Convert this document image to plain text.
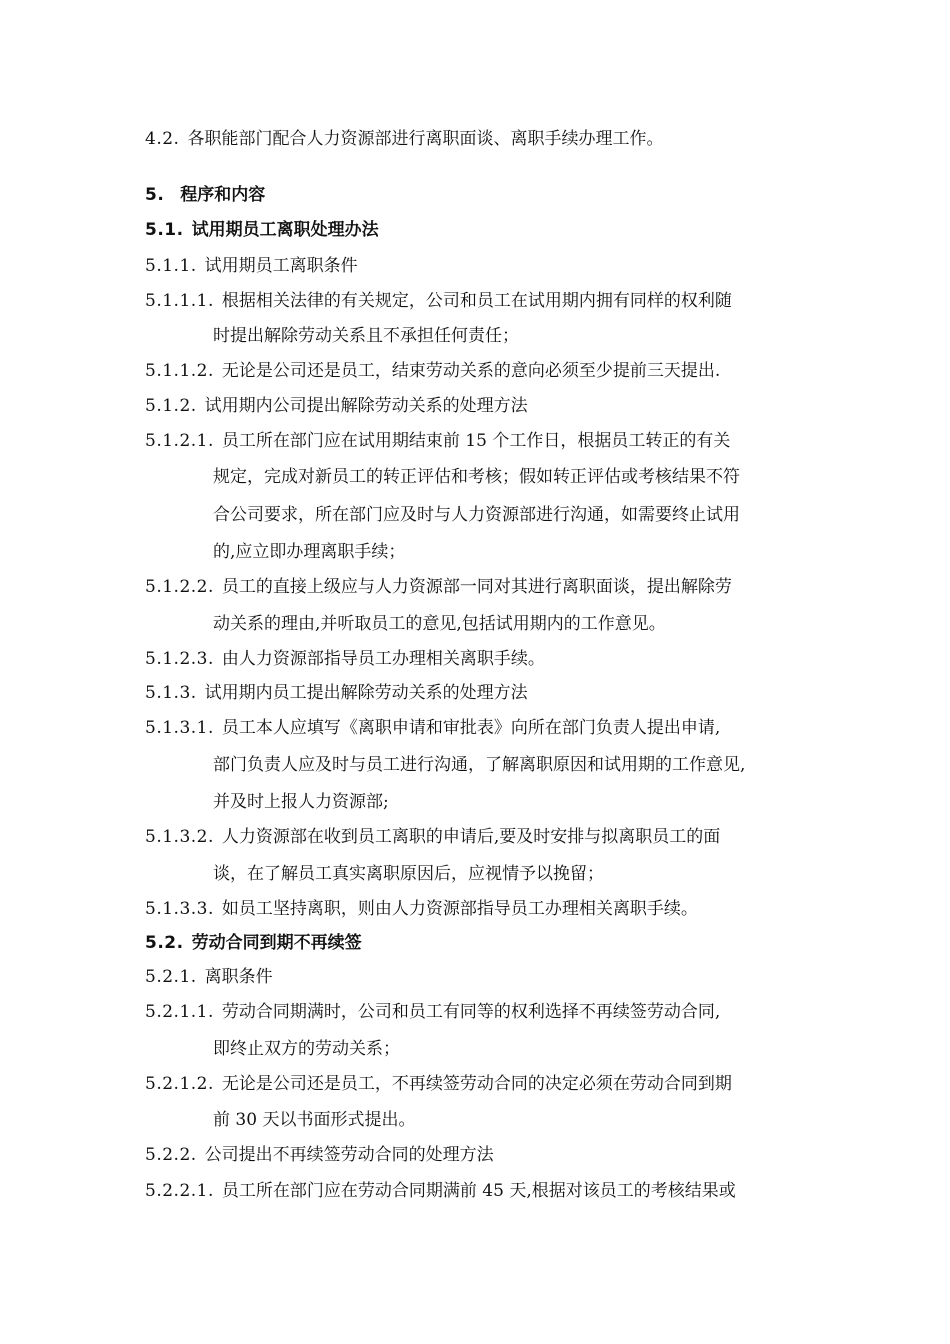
4.2. 各职能部门配合人力资源部进行离职面谈、离职手续办理工作。
5. 程序和内容
5.1. 试用期员工离职处理办法
5.1.1. 试用期员工离职条件
5.1.1.1. 根据相关法律的有关规定，公司和员工在试用期内拥有同样的权利随
时提出解除劳动关系且不承担任何责任；
5.1.1.2. 无论是公司还是员工，结束劳动关系的意向必须至少提前三天提出.
5.1.2. 试用期内公司提出解除劳动关系的处理方法
5.1.2.1. 员工所在部门应在试用期结束前 15 个工作日，根据员工转正的有关
规定，完成对新员工的转正评估和考核；假如转正评估或考核结果不符
合公司要求，所在部门应及时与人力资源部进行沟通，如需要终止试用
的,应立即办理离职手续；
5.1.2.2. 员工的直接上级应与人力资源部一同对其进行离职面谈，提出解除劳
动关系的理由,并听取员工的意见,包括试用期内的工作意见。
5.1.2.3. 由人力资源部指导员工办理相关离职手续。
5.1.3. 试用期内员工提出解除劳动关系的处理方法
5.1.3.1. 员工本人应填写《离职申请和审批表》向所在部门负责人提出申请,
部门负责人应及时与员工进行沟通，了解离职原因和试用期的工作意见,
并及时上报人力资源部;
5.1.3.2. 人力资源部在收到员工离职的申请后,要及时安排与拟离职员工的面
谈，在了解员工真实离职原因后，应视情予以挽留；
5.1.3.3. 如员工坚持离职，则由人力资源部指导员工办理相关离职手续。
5.2. 劳动合同到期不再续签
5.2.1. 离职条件
5.2.1.1. 劳动合同期满时，公司和员工有同等的权利选择不再续签劳动合同,
即终止双方的劳动关系；
5.2.1.2. 无论是公司还是员工，不再续签劳动合同的决定必须在劳动合同到期
前 30 天以书面形式提出。
5.2.2. 公司提出不再续签劳动合同的处理方法
5.2.2.1. 员工所在部门应在劳动合同期满前 45 天,根据对该员工的考核结果或
